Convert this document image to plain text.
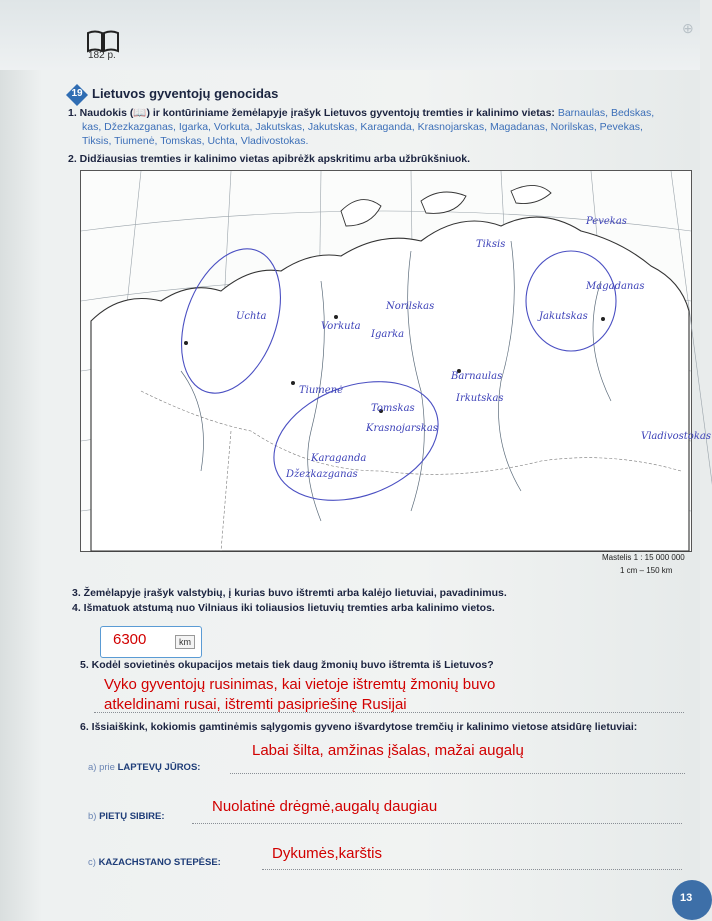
182 p.
⊕
19 Lietuvos gyventojų genocidas
1. Naudokis (📖) ir kontūriniame žemėlapyje įrašyk Lietuvos gyventojų tremties ir kalinimo vietas: Barnaulas, Bedskas,
kas, Džezkazganas, Igarka, Vorkuta, Jakutskas, Jakutskas, Karaganda, Krasnojarskas, Magadanas, Norilskas, Pevekas,
Tiksis, Tiumenė, Tomskas, Uchta, Vladivostokas.
2. Didžiausias tremties ir kalinimo vietas apibrėžk apskritimu arba užbrūkšniuok.
Uchta
Tiksis
Norilskas
Magadanas
Jakutskas
Igarka
Vorkuta
Tiumenė
Tomskas
Krasnojarskas
Karaganda
Džezkazganas
Irkutskas
Vladivostokas
Barnaulas
Pevekas
Mastelis 1 : 15 000 000
1 cm – 150 km
3. Žemėlapyje įrašyk valstybių, į kurias buvo ištremti arba kalėjo lietuviai, pavadinimus.
4. Išmatuok atstumą nuo Vilniaus iki toliausios lietuvių tremties arba kalinimo vietos.
6300	km
5. Kodėl sovietinės okupacijos metais tiek daug žmonių buvo ištremta iš Lietuvos?
Vyko gyventojų rusinimas, kai vietoje ištremtų žmonių buvo
atkeldinami rusai, ištremti pasipriešinę Rusijai
6. Išsiaiškink, kokiomis gamtinėmis sąlygomis gyveno išvardytose tremčių ir kalinimo vietose atsidūrę lietuviai:
a) prie LAPTEVŲ JŪROS:
Labai šilta, amžinas įšalas, mažai augalų
b) PIETŲ SIBIRE:
Nuolatinė drėgmė,augalų daugiau
c) KAZACHSTANO STEPĖSE:
Dykumės,karštis
13
